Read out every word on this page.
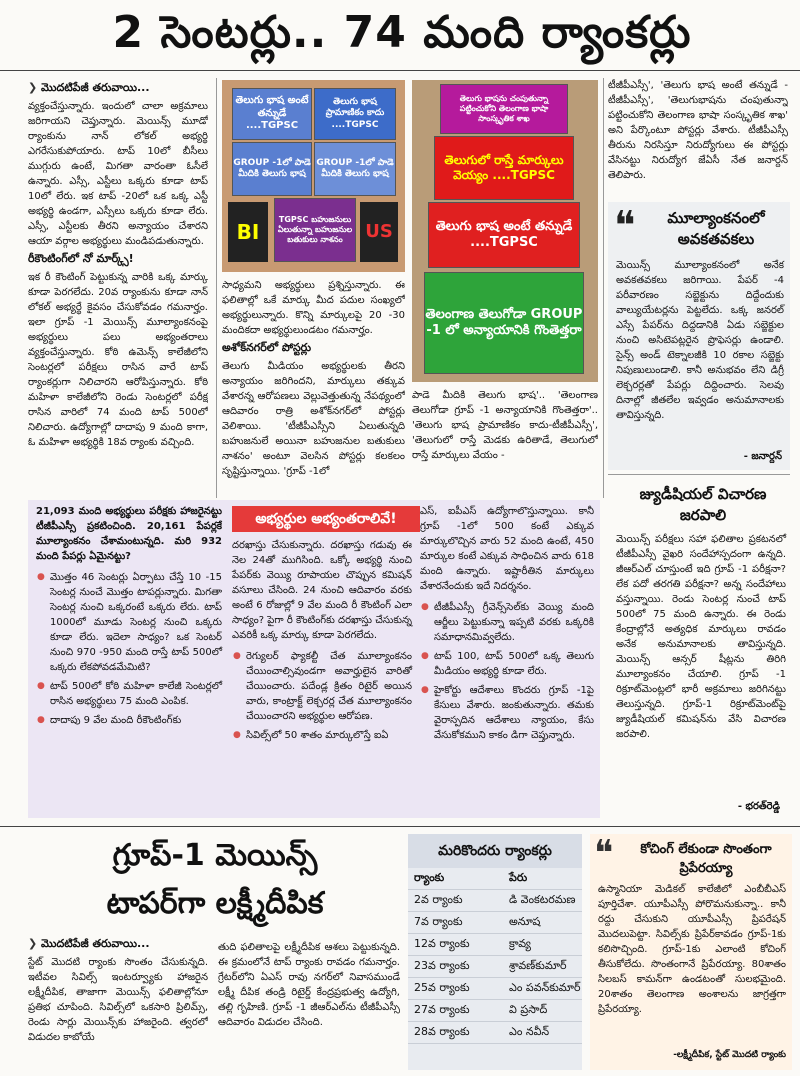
2 సెంటర్లు.. 74 మంది ర్యాంకర్లు
❯ మొదటిపేజీ తరువాయి...
వ్యక్తంచేస్తున్నారు. ఇందులో చాలా అక్రమాలు జరిగాయని చెప్తున్నారు. మెయిన్స్‌ మూడో ర్యాంకును నాన్‌ లోకల్‌ అభ్యర్థి ఎగరేసుకుపోయారు. టాప్‌ 10లో బీసీలు ముగ్గురు ఉంటే, మిగతా వారంతా ఓసీలే ఉన్నారు. ఎస్సీ, ఎస్టీలు ఒక్కరు కూడా టాప్‌ 10లో లేరు. ఇక టాప్‌ -20లో ఒక ఒక్క ఎస్టీ అభ్యర్థి ఉండగా, ఎస్సీలు ఒక్కరు కూడా లేరు. ఎస్సీ, ఎస్టీలకు తీరని అన్యాయం చేశారని ఆయా వర్గాల అభ్యర్థులు మండిపడుతున్నారు.
రీకౌంటింగ్‌లో నో మార్క్స్‌!
ఇక రీ కౌంటింగ్‌ పెట్టుకున్న వారికి ఒక్క మార్కు కూడా పెరగలేదు. 20వ ర్యాంకును కూడా నాన్‌ లోకల్‌ అభ్యర్థే కైవసం చేసుకోవడం గమనార్హం. ఇలా గ్రూప్‌ -1 మెయిన్స్‌ మూల్యాంకనంపై అభ్యర్థులు పలు అభ్యంతరాలు వ్యక్తంచేస్తున్నారు. కోఠి ఉమెన్స్‌ కాలేజీలోని సెంటర్లలో పరీక్షలు రాసిన వారే టాప్‌ ర్యాంకర్లుగా నిలిచారని ఆరోపిస్తున్నారు. కోఠి మహిళా కాలేజీలోని రెండు సెంటర్లలో పరీక్ష రాసిన వారిలో 74 మంది టాప్‌ 500లో నిలిచారు. ఉద్యోగాల్లో దాదాపు 9 మంది కాగా, ఓ మహిళా అభ్యర్థికి 18వ ర్యాంకు వచ్చింది.
తెలుగు భాష అంటే తన్నుడే ....TGPSC
తెలుగు భాష ప్రామాణికం కాదు ....TGPSC
GROUP -1లో పాడె మీదికి తెలుగు భాష
GROUP -1లో పాడె మీదికి తెలుగు భాష
BI
TGPSC బహుజనులు ఏలుతున్నా బహుజనుల బతుకులు నాశనం	US
సాధ్యమని అభ్యర్థులు ప్రశ్నిస్తున్నారు. ఈ ఫలితాల్లో ఒకే మార్కు మీద పదుల సంఖ్యలో అభ్యర్థులున్నారు. కొన్ని మార్కులపై 20 -30 మందికదా అభ్యర్థులుండటం గమనార్హం.
అశోక్‌నగర్‌లో పోస్టర్లు
తెలుగు మీడియం అభ్యర్థులకు తీరని అన్యాయం జరిగిందని, మార్కులు తక్కువ వేశారన్న ఆరోపణలు వెల్లువెత్తుతున్న నేపథ్యంలో ఆదివారం రాత్రి అశోక్‌నగర్‌లో పోస్టర్లు వెలిశాయి. 'టీజీపీఎస్సీని ఏలుతున్నది బహుజనులే అయినా బహుజనుల బతుకులు నాశనం' అంటూ వెలసిన పోస్టర్లు కలకలం సృష్టిస్తున్నాయి. 'గ్రూప్‌ -1లో
తెలుగు భాషను చంపుతున్నా పట్టించుకోని తెలంగాణ భాషా సాంస్కృతిక శాఖ
తెలుగులో రాస్తే మార్కులు వెయ్యం ....TGPSC
తెలుగు భాష అంటే తన్నుడే ....TGPSC
తెలంగాణ తెలుగోడా GROUP -1 లో అన్యాయానికి గొంతెత్తరా
పాడె మీదికి తెలుగు భాష'.. 'తెలంగాణ తెలుగోడా గ్రూప్‌ -1 అన్యాయానికి గొంతెత్తరా'.. 'తెలుగు భాష ప్రామాణికం కాదు-టీజీపీఎస్సీ', 'తెలుగులో రాస్తే మెడకు ఉరితాడే, తెలుగులో రాస్తే మార్కులు వేయం -
టీజీపీఎస్సీ', 'తెలుగు భాష అంటే తన్నుడే - టీజీపీఎస్సీ', 'తెలుగుభాషను చంపుతున్నా పట్టించుకోని తెలంగాణ భాషా సంస్కృతిక శాఖ' అని పేర్కొంటూ పోస్టర్లు వేశారు. టీజీపీఎస్సీ తీరును నిరసిస్తూ నిరుద్యోగులు ఈ పోస్టర్లు వేసినట్టు నిరుద్యోగ జేఏసీ నేత జనార్దన్‌ తెలిపారు.
❝	మూల్యాంకనంలో అవకతవకలు
మెయిన్స్‌ మూల్యాంకనంలో అనేక అవకతవకలు జరిగాయి. పేపర్‌ -4 పరీవారణం సబ్జెక్టును దిద్దేందుకు వాల్యుయేటర్లను పెట్టలేదు. ఒక్క జనరల్‌ ఎస్సే పేపర్‌ను దిద్దడానికి ఏడు సబ్జెక్టుల నుంచి అసిటెపట్లరైన ప్రొఫెసర్లు ఉండాలి. సైన్స్‌ అండ్‌ టెక్నాలజీకి 10 రకాల సబ్జెక్టు నిపుణులుండాలి. కానీ అనుభవం లేని డిగ్రీ లెక్చరర్లతో పేపర్లు దిద్దించారు. సెలవు దినాల్లో జీతలేల ఇవ్వడం అనుమానాలకు తావిస్తున్నది.
- జనార్దన్‌
జ్యుడీషియల్‌ విచారణ జరపాలి
మెయిన్స్‌ పరీక్షలు సహా ఫలితాల ప్రకటనలో టీజీపీఎస్సీ వైఖరి సందేహాస్పదంగా ఉన్నది. జీఆర్‌ఎల్‌ చూస్తుంటే ఇది గ్రూప్‌ -1 పరీక్షనా? లేక పదో తరగతి పరీక్షనా? అన్న సందేహాలు వస్తున్నాయి. రెండు సెంటర్ల నుంచే టాప్‌ 500లో 75 మంది ఉన్నారు. ఈ రెండు కేంద్రాల్లోనే అత్యధిక మార్కులు రావడం అనేక అనుమానాలకు తావిస్తున్నది. మెయిన్స్‌ ఆన్సర్‌ షీట్లను తిరిగి మూల్యాంకనం చేయాలి. గ్రూప్‌ -1 రిక్రూట్‌మెంట్లలో భారీ అక్రమాలు జరిగినట్టు తెలుస్తున్నది. గ్రూప్‌-1 రిక్రూట్‌మెంట్‌పై జ్యుడీషియల్‌ కమిషన్‌ను వేసి విచారణ జరపాలి.
- భరత్‌రెడ్డి
21,093 మంది అభ్యర్థులు పరీక్షకు హాజరైనట్టు టీజీపీఎస్సీ ప్రకటించింది. 20,161 పేపర్లకే మూల్యాంకనం చేశామంటున్నది. మరి 932 మంది పేపర్లు ఏమైనట్టు?
● మొత్తం 46 సెంటర్లు ఏర్పాటు చేస్తే 10 -15 సెంటర్ల నుంచే మొత్తం టాపర్లున్నారు. మిగతా సెంటర్ల నుంచి ఒక్కరంటే ఒక్కరు లేరు. టాప్‌ 1000లో మూడు సెంటర్ల నుంచి ఒక్కరు కూడా లేరు. ఇదెలా సాధ్యం? ఒక సెంటర్‌ నుంచి 970 -950 మంది రాస్తే టాప్‌ 500లో ఒక్కరు లేకపోవడమేమిటి?
● టాప్‌ 500లో కోఠి మహిళా కాలేజీ సెంటర్లలో రాసిన అభ్యర్థులు 75 మంది ఎంపిక.
● దాదాపు 9 వేల మంది రీకౌంటింగ్‌కు
అభ్యర్థుల అభ్యంతరాలివే!
దరఖాస్తు చేసుకున్నారు. దరఖాస్తు గడువు ఈ నెల 24తో ముగిసింది. ఒక్కో అభ్యర్థి నుంచి పేపర్‌కు వెయ్యి రూపాయల చొప్పున కమిషన్‌ వసూలు చేసింది. 24 నుంచి ఆదివారం వరకు అంటే 6 రోజుల్లో 9 వేల మంది రీ కౌంటింగ్‌ ఎలా సాధ్యం? పైగా రీ కౌంటింగ్‌కు దరఖాస్తు చేసుకున్న ఎవరికీ ఒక్క మార్కు కూడా పెరగలేదు.
● రెగ్యులర్‌ ఫ్యాకల్టీ చేత మూల్యాంకనం చేయించాల్సివుండగా అవార్హులైన వారితో చేయించారు. పదేండ్ల క్రితం రిటైర్‌ అయిన వారు, కాంట్రాక్ట్‌ లెక్చరర్ల చేత మూల్యాంకనం చేయించారని అభ్యర్థుల ఆరోపణ.
● సివిల్స్‌లో 50 శాతం మార్కులొస్తే ఐఏ
ఎస్‌, ఐపీఎస్‌ ఉద్యోగాలొస్తున్నాయి. కానీ గ్రూప్‌ -1లో 500 కంటే ఎక్కువ మార్కులొచ్చిన వారు 52 మంది ఉంటే, 450 మార్కుల కంటే ఎక్కువ సాధించిన వారు 618 మంది ఉన్నారు. ఇష్టారీతిన మార్కులు వేశారనేందుకు ఇదే నిదర్శనం.
● టీజీపీఎస్సీ గ్రీవెన్స్‌సెల్‌కు వెయ్యి మంది ఆర్జీలు పెట్టుకున్నా ఇప్పటి వరకు ఒక్కరికి సమాధానమివ్వలేదు.
● టాప్‌ 100, టాప్‌ 500లో ఒక్క తెలుగు మీడియం అభ్యర్థి కూడా లేరు.
● హైకోర్టు ఆదేశాలు కొందరు గ్రూప్‌ -1పై కేసులు వేశారు. జంకుతున్నారు. తమకు వైరాస్పదిన ఆదేశాలు న్యాయం, కేసు వేసుకోకముని కాకం డిగా చెప్తున్నారు.
గ్రూప్‌-1 మెయిన్స్‌
టాపర్‌గా లక్ష్మీదీపిక
❯ మొదటిపేజీ తరువాయి...
స్టేట్‌ మొదటి ర్యాంకు సొంతం చేసుకున్నది. ఇటీవల సివిల్స్‌ ఇంటర్వ్యూకు హాజరైన లక్ష్మీదీపిక, తాజాగా మెయిన్స్‌ ఫలితాల్లోనూ ప్రతిభ చూపింది. సివిల్స్‌లో ఒకసారి ప్రిలిమ్స్‌, రెండు సార్లు మెయిన్స్‌కు హాజరైంది. త్వరలో విడుదల కాబోయే
తుది ఫలితాలపై లక్ష్మీదీపిక ఆశలు పెట్టుకున్నది. ఈ క్రమంలోనే టాప్‌ ర్యాంకు రావడం గమనార్హం. గ్రేటర్‌లోని ఏఎస్‌ రావు నగర్‌లో నివాసముండే లక్ష్మీ దీపిక తండ్రి రిటైర్డ్‌ కేంద్రప్రభుత్వ ఉద్యోగి, తల్లి గృహిణి. గ్రూప్‌ -1 జీఆర్‌ఎల్‌ను టీజీపీఎస్సీ ఆదివారం విడుదల చేసింది.
మరికొందరు ర్యాంకర్లు
ర్యాంకు	పేరు
2వ ర్యాంకు	డి వెంకటరమణ
7వ ర్యాంకు	అనూష
12వ ర్యాంకు	క్రావ్య
23వ ర్యాంకు	శ్రావణ్‌కుమార్‌
25వ ర్యాంకు	ఎం పవన్‌కుమార్‌
27వ ర్యాంకు	వి ప్రసాద్‌
28వ ర్యాంకు	ఎం నవీన్‌
❝	కోచింగ్‌ లేకుండా సొంతంగా ప్రిపేరయ్యా
ఉస్మానియా మెడికల్‌ కాలేజీలో ఎంబీబీఎస్‌ పూర్తిచేశా. యూపీఎస్సీ పోరొమనుకున్నా.. కానీ రద్దు చేసుకుని యూపీఎస్సీ ప్రిపరేషన్‌ మొదలుపెట్టా. సివిల్స్‌కు ప్రిపేర్‌కావడం గ్రూప్‌-1కు కలిసొచ్చింది. గ్రూప్‌-1కు ఎలాంటి కోచింగ్‌ తీసుకోలేదు. సొంతంగానే ప్రిపేరయ్యా. 80శాతం సిలబస్‌ కామన్‌గా ఉండటంతో సులభమైంది. 20శాతం తెలంగాణ అంశాలను జాగ్రత్తగా ప్రిపేరయ్యా.
-లక్ష్మీదీపిక, స్టేట్‌ మొదటి ర్యాంకు
